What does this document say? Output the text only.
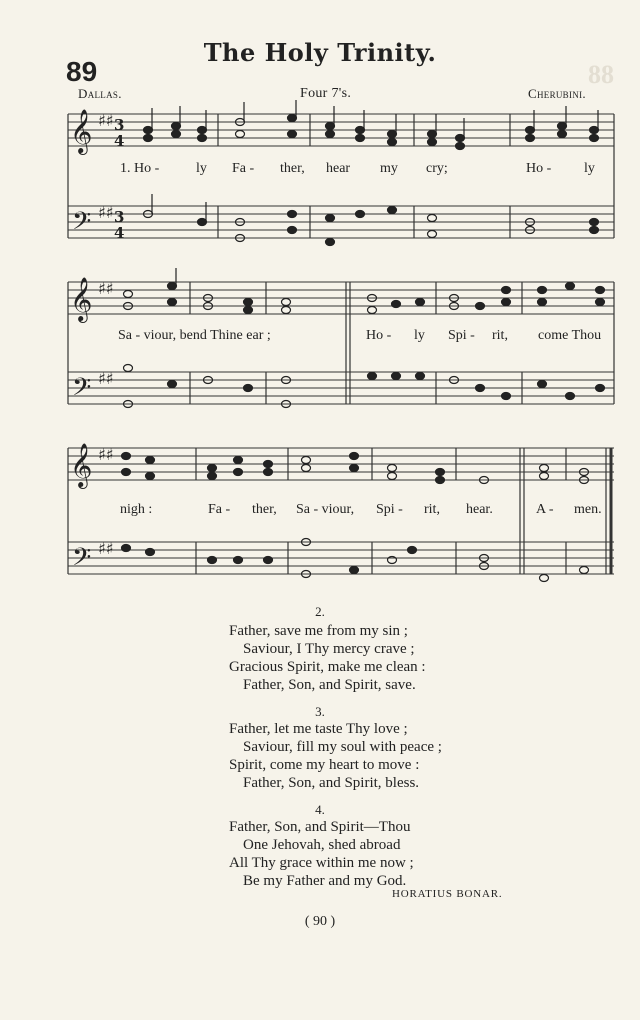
88
89
The Holy Trinity.
Dallas.	Four 7's.	Cherubini.
𝄞
𝄢
♯♯
♯♯
3
4
3
4
1. Ho -	ly Fa - ther, hear my cry;	Ho - ly
𝄞
𝄢
♯♯
♯♯
Sa - viour, bend Thine ear ;	Ho - ly Spi - rit, come Thou
𝄞
𝄢
♯♯
♯♯
nigh :	Fa - ther, Sa - viour, Spi - rit, hear.	A - men.
2.
Father, save me from my sin ;
Saviour, I Thy mercy crave ;
Gracious Spirit, make me clean :
Father, Son, and Spirit, save.
3.
Father, let me taste Thy love ;
Saviour, fill my soul with peace ;
Spirit, come my heart to move :
Father, Son, and Spirit, bless.
4.
Father, Son, and Spirit—Thou
One Jehovah, shed abroad
All Thy grace within me now ;
Be my Father and my God.
HORATIUS BONAR.
( 90 )
